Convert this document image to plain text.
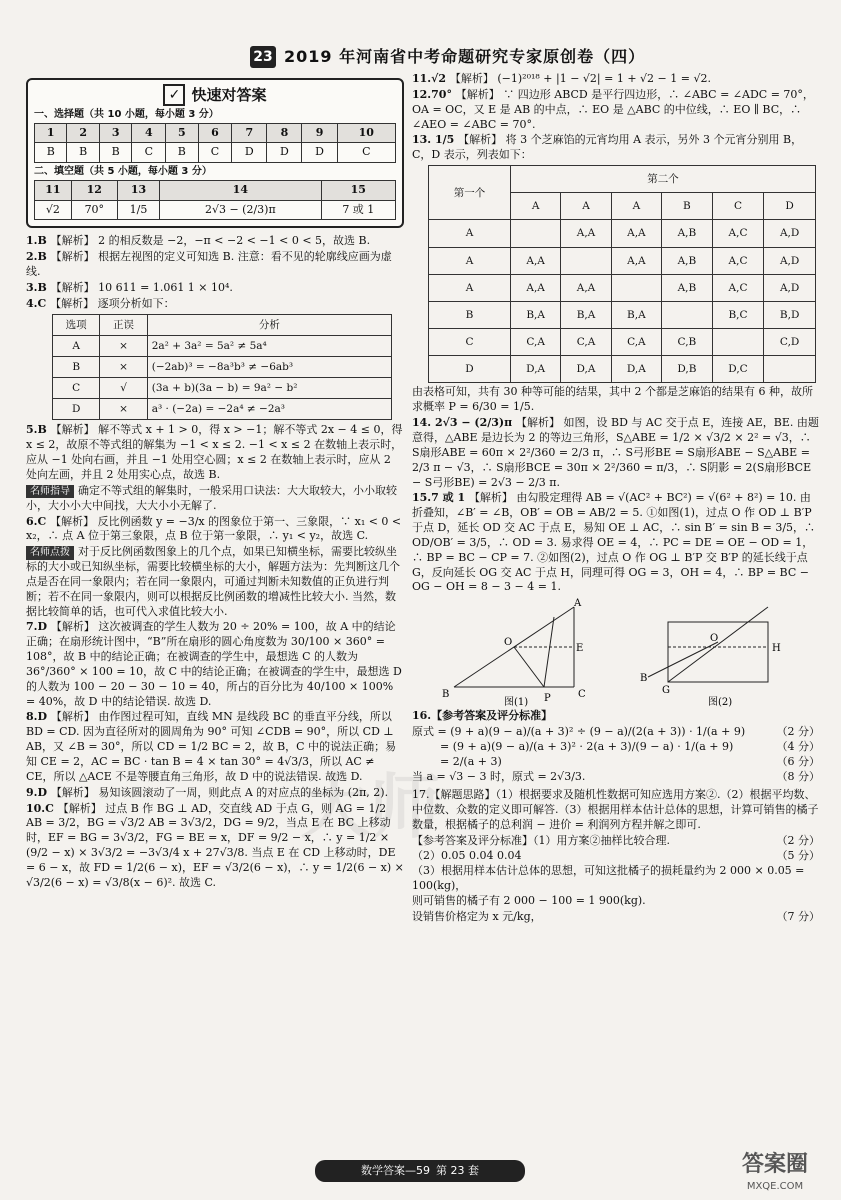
大师
23 2019 年河南省中考命题研究专家原创卷（四）
✓ 快速对答案
一、选择题（共 10 小题，每小题 3 分）
1	2	3	4	5	6	7	8	9	10
B	B	B	C	B	C	D	D	D	C
二、填空题（共 5 小题，每小题 3 分）
11	12	13	14	15
√2	70°	1/5	2√3 − (2/3)π	7 或 1

1.B 【解析】 2 的相反数是 −2，−π < −2 < −1 < 0 < 5，故选 B.

2.B 【解析】 根据左视图的定义可知选 B. 注意：看不见的轮廓线应画为虚线.

3.B 【解析】 10 611 = 1.061 1 × 10⁴.

4.C 【解析】 逐项分析如下：

选项	正误	分析
A	×	2a² + 3a² = 5a² ≠ 5a⁴
B	×	(−2ab)³ = −8a³b³ ≠ −6ab³
C	√	(3a + b)(3a − b) = 9a² − b²
D	×	a³ · (−2a) = −2a⁴ ≠ −2a³

5.B 【解析】 解不等式 x + 1 > 0，得 x > −1；解不等式 2x − 4 ≤ 0，得 x ≤ 2，故原不等式组的解集为 −1 < x ≤ 2. −1 < x ≤ 2 在数轴上表示时，应从 −1 处向右画，并且 −1 处用空心圆；x ≤ 2 在数轴上表示时，应从 2 处向左画，并且 2 处用实心点，故选 B.

名师指导 确定不等式组的解集时，一般采用口诀法：大大取较大，小小取较小，大小小大中间找，大大小小无解了.

6.C 【解析】 反比例函数 y = −3/x 的图象位于第一、三象限，∵ x₁ < 0 < x₂，∴ 点 A 位于第三象限，点 B 位于第一象限，∴ y₁ < y₂，故选 C.

名师点拨 对于反比例函数图象上的几个点，如果已知横坐标，需要比较纵坐标的大小或已知纵坐标，需要比较横坐标的大小，解题方法为：先判断这几个点是否在同一象限内；若在同一象限内，可通过判断未知数值的正负进行判断；若不在同一象限内，则可以根据反比例函数的增减性比较大小. 当然，数据比较简单的话，也可代入求值比较大小.

7.D 【解析】 这次被调查的学生人数为 20 ÷ 20% = 100，故 A 中的结论正确；在扇形统计图中，“B”所在扇形的圆心角度数为 30/100 × 360° = 108°，故 B 中的结论正确；在被调查的学生中，最想选 C 的人数为 36°/360° × 100 = 10，故 C 中的结论正确；在被调查的学生中，最想选 D 的人数为 100 − 20 − 30 − 10 = 40，所占的百分比为 40/100 × 100% = 40%，故 D 中的结论错误. 故选 D.

8.D 【解析】 由作图过程可知，直线 MN 是线段 BC 的垂直平分线，所以 BD = CD. 因为直径所对的圆周角为 90° 可知 ∠CDB = 90°，所以 CD ⊥ AB，又 ∠B = 30°，所以 CD = 1/2 BC = 2，故 B，C 中的说法正确；易知 CE = 2，AC = BC · tan B = 4 × tan 30° = 4√3/3，所以 AC ≠ CE，所以 △ACE 不是等腰直角三角形，故 D 中的说法错误. 故选 D.

9.D 【解析】 易知该圆滚动了一周，则此点 A 的对应点的坐标为 (2π, 2).

10.C 【解析】 过点 B 作 BG ⊥ AD，交直线 AD 于点 G，则 AG = 1/2 AB = 3/2，BG = √3/2 AB = 3√3/2，DG = 9/2，当点 E 在 BC 上移动时，EF = BG = 3√3/2，FG = BE = x，DF = 9/2 − x，∴ y = 1/2 × (9/2 − x) × 3√3/2 = −3√3/4 x + 27√3/8. 当点 E 在 CD 上移动时，DE = 6 − x，故 FD = 1/2(6 − x)，EF = √3/2(6 − x)，∴ y = 1/2(6 − x) × √3/2(6 − x) = √3/8(x − 6)². 故选 C.

11.√2 【解析】 (−1)²⁰¹⁸ + |1 − √2| = 1 + √2 − 1 = √2.

12.70° 【解析】 ∵ 四边形 ABCD 是平行四边形，∴ ∠ABC = ∠ADC = 70°，OA = OC，又 E 是 AB 的中点，∴ EO 是 △ABC 的中位线，∴ EO ∥ BC，∴ ∠AEO = ∠ABC = 70°.

13. 1/5 【解析】 将 3 个芝麻馅的元宵均用 A 表示，另外 3 个元宵分别用 B，C，D 表示，列表如下：

第一个	第二个					
	A	A	A	B	C	D
A		A,A	A,A	A,B	A,C	A,D
A	A,A		A,A	A,B	A,C	A,D
A	A,A	A,A		A,B	A,C	A,D
B	B,A	B,A	B,A		B,C	B,D
C	C,A	C,A	C,A	C,B		C,D
D	D,A	D,A	D,A	D,B	D,C	

由表格可知，共有 30 种等可能的结果，其中 2 个都是芝麻馅的结果有 6 种，故所求概率 P = 6/30 = 1/5.

14. 2√3 − (2/3)π 【解析】 如图，设 BD 与 AC 交于点 E，连接 AE，BE. 由题意得，△ABE 是边长为 2 的等边三角形，S△ABE = 1/2 × √3/2 × 2² = √3，∴ S扇形ABE = 60π × 2²/360 = 2/3 π，∴ S弓形BE = S扇形ABE − S△ABE = 2/3 π − √3，∴ S扇形BCE = 30π × 2²/360 = π/3，∴ S阴影 = 2(S扇形BCE − S弓形BE) = 2√3 − 2/3 π.

15.7 或 1 【解析】 由勾股定理得 AB = √(AC² + BC²) = √(6² + 8²) = 10. 由折叠知，∠B′ = ∠B，OB′ = OB = AB/2 = 5. ①如图(1)，过点 O 作 OD ⊥ B′P 于点 D，延长 OD 交 AC 于点 E，易知 OE ⊥ AC，∴ sin B′ = sin B = 3/5，∴ OD/OB′ = 3/5，∴ OD = 3. 易求得 OE = 4，∴ PC = DE = OE − OD = 1，∴ BP = BC − CP = 7. ②如图(2)，过点 O 作 OG ⊥ B′P 交 B′P 的延长线于点 G，反向延长 OG 交 AC 于点 H，同理可得 OG = 3，OH = 4，∴ BP = BC − OG − OH = 8 − 3 − 4 = 1.

B
O
E
P	C
A
图(1)
O
H
B
G
图(2)

16.【参考答案及评分标准】

原式 = (9 + a)(9 − a)/(a + 3)² ÷ (9 − a)/(2(a + 3)) · 1/(a + 9)	（2 分）
= (9 + a)(9 − a)/(a + 3)² · 2(a + 3)/(9 − a) · 1/(a + 9)	（4 分）
= 2/(a + 3)	（6 分）
当 a = √3 − 3 时，原式 = 2√3/3.	（8 分）

17.【解题思路】（1）根据要求及随机性数据可知应选用方案②.（2）根据平均数、中位数、众数的定义即可解答.（3）根据用样本估计总体的思想，计算可销售的橘子数量，根据橘子的总利润 − 进价 = 利润列方程并解之即可.

【参考答案及评分标准】（1）用方案②抽样比较合理.	（2 分）
（2）0.05 0.04 0.04	（5 分）

（3）根据用样本估计总体的思想，可知这批橘子的损耗量约为 2 000 × 0.05 = 100(kg)，

则可销售的橘子有 2 000 − 100 = 1 900(kg).

设销售价格定为 x 元/kg，	（7 分）
数学答案—59 第 23 套	答案圈
MXQE.COM
